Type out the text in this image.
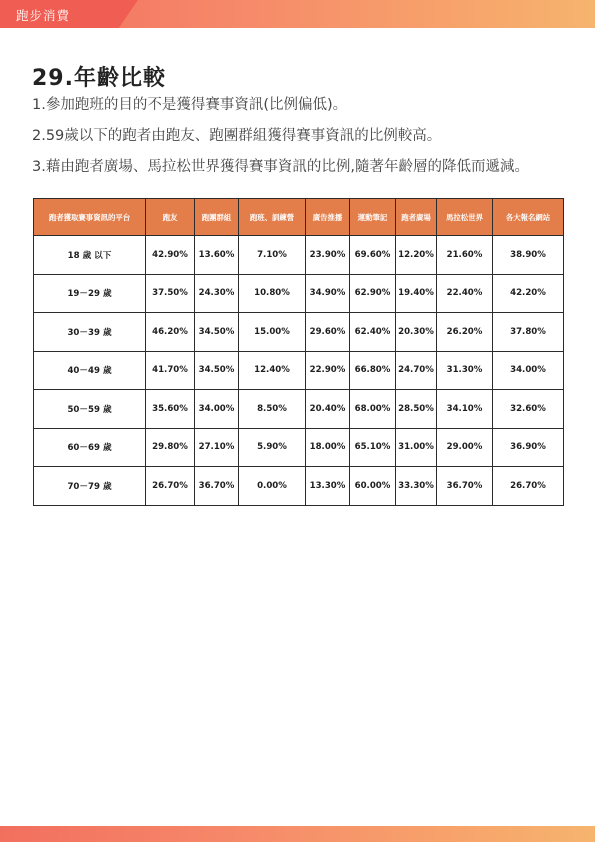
跑步消費
29.年齡比較
1.參加跑班的目的不是獲得賽事資訊(比例偏低)。
2.59歲以下的跑者由跑友、跑團群組獲得賽事資訊的比例較高。
3.藉由跑者廣場、馬拉松世界獲得賽事資訊的比例,隨著年齡層的降低而遞減。
跑者獲取賽事資訊的平台	跑友	跑團群組	跑班、訓練營	廣告推播	運動筆記	跑者廣場	馬拉松世界	各大報名網站
18 歲 以下	42.90%	13.60%	7.10%	23.90%	69.60%	12.20%	21.60%	38.90%
19－29 歲	37.50%	24.30%	10.80%	34.90%	62.90%	19.40%	22.40%	42.20%
30－39 歲	46.20%	34.50%	15.00%	29.60%	62.40%	20.30%	26.20%	37.80%
40－49 歲	41.70%	34.50%	12.40%	22.90%	66.80%	24.70%	31.30%	34.00%
50－59 歲	35.60%	34.00%	8.50%	20.40%	68.00%	28.50%	34.10%	32.60%
60－69 歲	29.80%	27.10%	5.90%	18.00%	65.10%	31.00%	29.00%	36.90%
70－79 歲	26.70%	36.70%	0.00%	13.30%	60.00%	33.30%	36.70%	26.70%
